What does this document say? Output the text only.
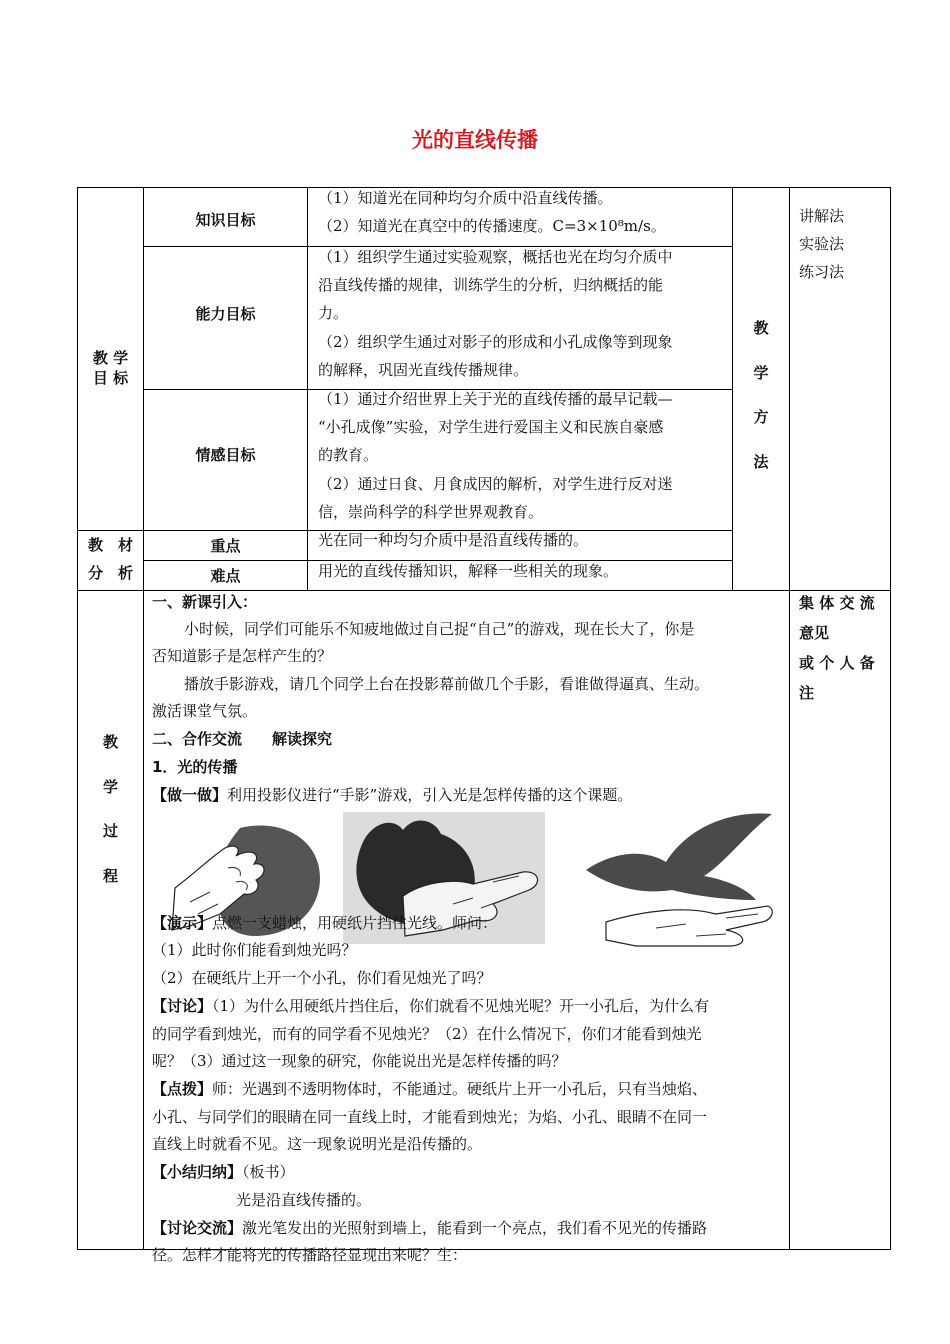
光的直线传播
教 学
目 标
知识目标
（1）知道光在同种均匀介质中沿直线传播。
（2）知道光在真空中的传播速度。C=3×10⁸m/s。
能力目标
（1）组织学生通过实验观察，概括也光在均匀介质中
沿直线传播的规律，训练学生的分析，归纳概括的能
力。
（2）组织学生通过对影子的形成和小孔成像等到现象
的解释，巩固光直线传播规律。
情感目标
（1）通过介绍世界上关于光的直线传播的最早记载—
“小孔成像”实验，对学生进行爱国主义和民族自豪感
的教育。
（2）通过日食、月食成因的解析，对学生进行反对迷
信，崇尚科学的科学世界观教育。
教
学
方
法
讲解法
实验法
练习法
教　材
分　析
重点	光在同一种均匀介质中是沿直线传播的。
难点	用光的直线传播知识，解释一些相关的现象。
教
学
过
程
集 体 交 流
意见
或 个 人 备
注
一、新课引入：
小时候，同学们可能乐不知疲地做过自己捉“自己”的游戏，现在长大了，你是
否知道影子是怎样产生的？
播放手影游戏，请几个同学上台在投影幕前做几个手影，看谁做得逼真、生动。
激活课堂气氛。
二、合作交流　　解读探究
1．光的传播
【做一做】利用投影仪进行“手影”游戏，引入光是怎样传播的这个课题。
【演示】点燃一支蜡烛，用硬纸片挡住光线。师问：
（1）此时你们能看到烛光吗？
（2）在硬纸片上开一个小孔，你们看见烛光了吗？
【讨论】（1）为什么用硬纸片挡住后，你们就看不见烛光呢？开一小孔后，为什么有
的同学看到烛光，而有的同学看不见烛光？（2）在什么情况下，你们才能看到烛光
呢？（3）通过这一现象的研究，你能说出光是怎样传播的吗？
【点拨】师：光遇到不透明物体时，不能通过。硬纸片上开一小孔后，只有当烛焰、
小孔、与同学们的眼睛在同一直线上时，才能看到烛光；为焰、小孔、眼睛不在同一
直线上时就看不见。这一现象说明光是沿传播的。
【小结归纳】（板书）
光是沿直线传播的。
【讨论交流】激光笔发出的光照射到墙上，能看到一个亮点，我们看不见光的传播路
径。怎样才能将光的传播路径显现出来呢？生：
